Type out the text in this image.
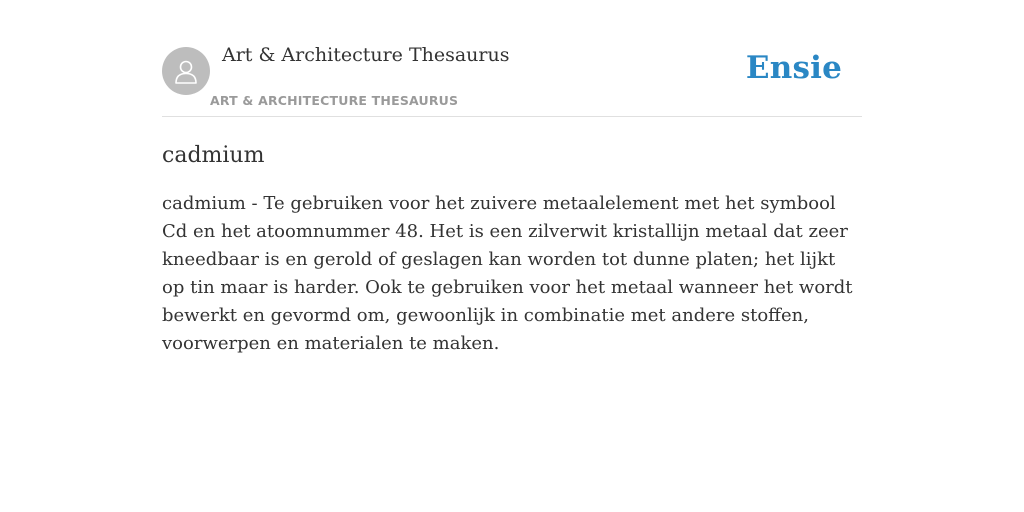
Art & Architecture Thesaurus
ART & ARCHITECTURE THESAURUS
Ensie
cadmium

cadmium - Te gebruiken voor het zuivere metaalelement met het symbool Cd en het atoomnummer 48. Het is een zilverwit kristallijn metaal dat zeer kneedbaar is en gerold of geslagen kan worden tot dunne platen; het lijkt op tin maar is harder. Ook te gebruiken voor het metaal wanneer het wordt bewerkt en gevormd om, gewoonlijk in combinatie met andere stoffen, voorwerpen en materialen te maken.
